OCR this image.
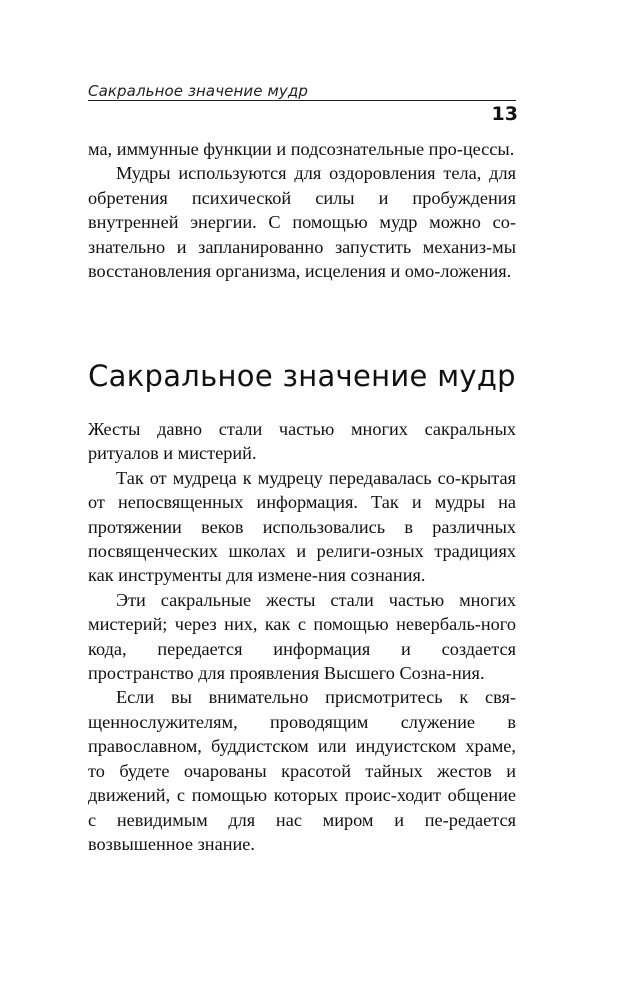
Сакральное значение мудр
13

ма, иммунные функции и подсознательные про-цессы.

Мудры используются для оздоровления тела, для обретения психической силы и пробуждения внутренней энергии. С помощью мудр можно со-знательно и запланированно запустить механиз-мы восстановления организма, исцеления и омо-ложения.

Сакральное значение мудр

Жесты давно стали частью многих сакральных ритуалов и мистерий.

Так от мудреца к мудрецу передавалась со-крытая от непосвященных информация. Так и мудры на протяжении веков использовались в различных посвященческих школах и религи-озных традициях как инструменты для измене-ния сознания.

Эти сакральные жесты стали частью многих мистерий; через них, как с помощью невербаль-ного кода, передается информация и создается пространство для проявления Высшего Созна-ния.

Если вы внимательно присмотритесь к свя-щеннослужителям, проводящим служение в православном, буддистском или индуистском храме, то будете очарованы красотой тайных жестов и движений, с помощью которых проис-ходит общение с невидимым для нас миром и пе-редается возвышенное знание.
